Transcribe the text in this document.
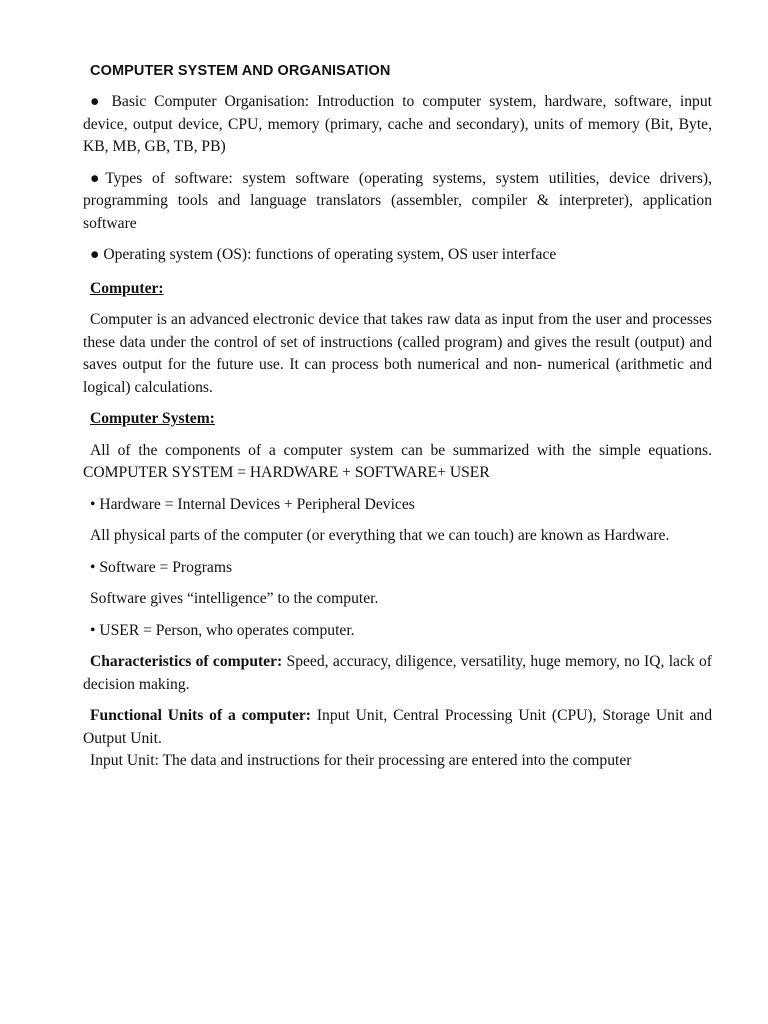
COMPUTER SYSTEM AND ORGANISATION

● Basic Computer Organisation: Introduction to computer system, hardware, software, input device, output device, CPU, memory (primary, cache and secondary), units of memory (Bit, Byte, KB, MB, GB, TB, PB)

●Types of software: system software (operating systems, system utilities, device drivers), programming tools and language translators (assembler, compiler & interpreter), application software

● Operating system (OS): functions of operating system, OS user interface

Computer:

Computer is an advanced electronic device that takes raw data as input from the user and processes these data under the control of set of instructions (called program) and gives the result (output) and saves output for the future use. It can process both numerical and non- numerical (arithmetic and logical) calculations.

Computer System:

All of the components of a computer system can be summarized with the simple equations. COMPUTER SYSTEM = HARDWARE + SOFTWARE+ USER

• Hardware = Internal Devices + Peripheral Devices

All physical parts of the computer (or everything that we can touch) are known as Hardware.

• Software = Programs

Software gives “intelligence” to the computer.

• USER = Person, who operates computer.

Characteristics of computer: Speed, accuracy, diligence, versatility, huge memory, no IQ, lack of decision making.

Functional Units of a computer: Input Unit, Central Processing Unit (CPU), Storage Unit and Output Unit.

Input Unit: The data and instructions for their processing are entered into the computer
